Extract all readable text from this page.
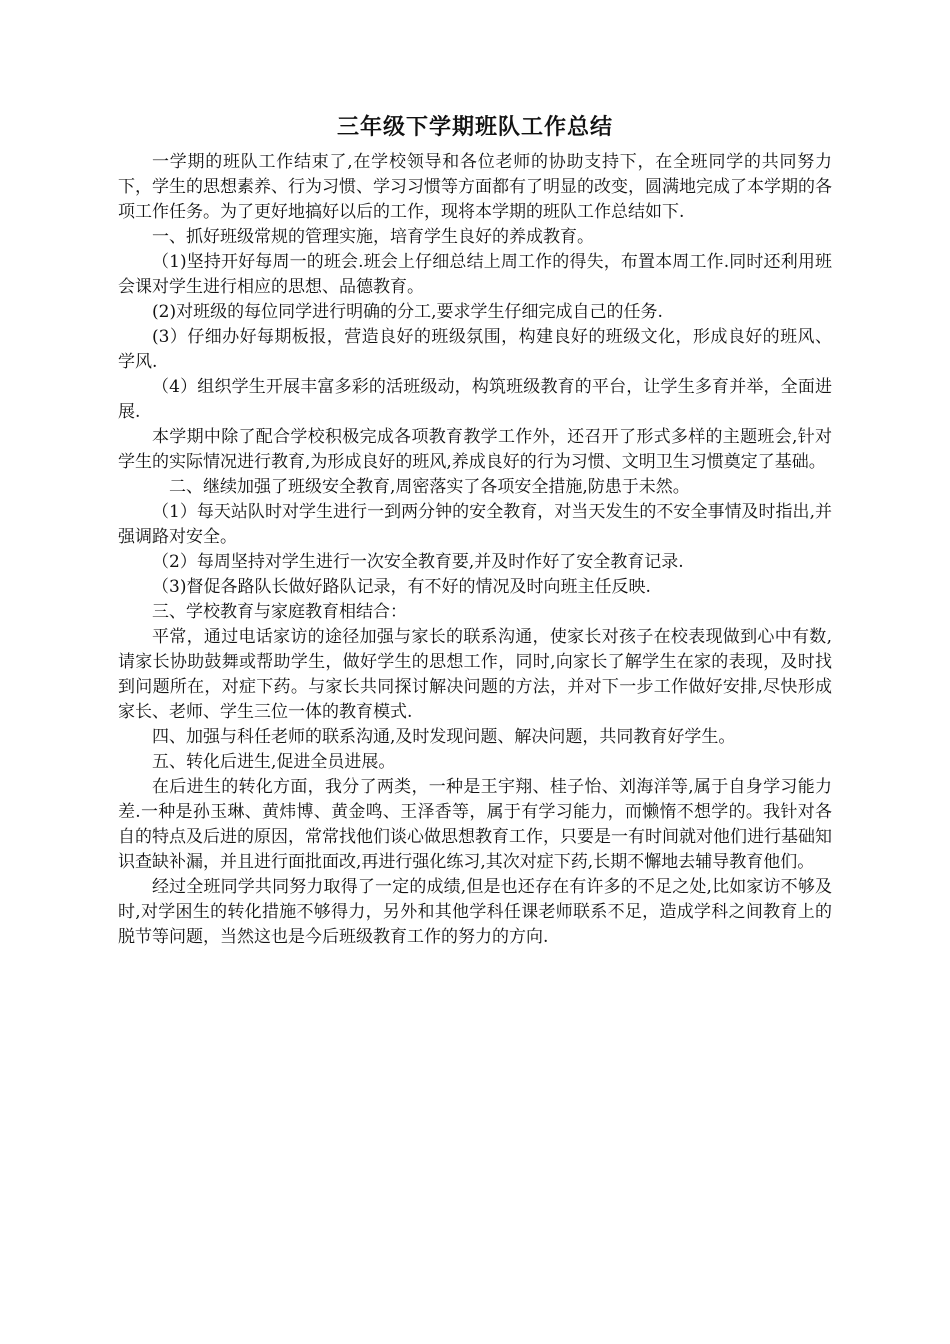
三年级下学期班队工作总结

一学期的班队工作结束了,在学校领导和各位老师的协助支持下，在全班同学的共同努力下，学生的思想素养、行为习惯、学习习惯等方面都有了明显的改变，圆满地完成了本学期的各项工作任务。为了更好地搞好以后的工作，现将本学期的班队工作总结如下.

一、抓好班级常规的管理实施，培育学生良好的养成教育。

（1)坚持开好每周一的班会.班会上仔细总结上周工作的得失，布置本周工作.同时还利用班会课对学生进行相应的思想、品德教育。

(2)对班级的每位同学进行明确的分工,要求学生仔细完成自己的任务.

(3）仔细办好每期板报，营造良好的班级氛围，构建良好的班级文化，形成良好的班风、学风.

（4）组织学生开展丰富多彩的活班级动，构筑班级教育的平台，让学生多育并举，全面进展.

本学期中除了配合学校积极完成各项教育教学工作外，还召开了形式多样的主题班会,针对学生的实际情况进行教育,为形成良好的班风,养成良好的行为习惯、文明卫生习惯奠定了基础。

二、继续加强了班级安全教育,周密落实了各项安全措施,防患于未然。

（1）每天站队时对学生进行一到两分钟的安全教育，对当天发生的不安全事情及时指出,并强调路对安全。

（2）每周坚持对学生进行一次安全教育要,并及时作好了安全教育记录.

（3)督促各路队长做好路队记录，有不好的情况及时向班主任反映.

三、学校教育与家庭教育相结合：

平常，通过电话家访的途径加强与家长的联系沟通，使家长对孩子在校表现做到心中有数,请家长协助鼓舞或帮助学生，做好学生的思想工作，同时,向家长了解学生在家的表现，及时找到问题所在，对症下药。与家长共同探讨解决问题的方法，并对下一步工作做好安排,尽快形成家长、老师、学生三位一体的教育模式.

四、加强与科任老师的联系沟通,及时发现问题、解决问题，共同教育好学生。

五、转化后进生,促进全员进展。

在后进生的转化方面，我分了两类，一种是王宇翔、桂子怡、刘海洋等,属于自身学习能力差.一种是孙玉琳、黄炜博、黄金鸣、王泽香等，属于有学习能力，而懒惰不想学的。我针对各自的特点及后进的原因，常常找他们谈心做思想教育工作，只要是一有时间就对他们进行基础知识查缺补漏，并且进行面批面改,再进行强化练习,其次对症下药,长期不懈地去辅导教育他们。

经过全班同学共同努力取得了一定的成绩,但是也还存在有许多的不足之处,比如家访不够及时,对学困生的转化措施不够得力，另外和其他学科任课老师联系不足，造成学科之间教育上的脱节等问题，当然这也是今后班级教育工作的努力的方向.
